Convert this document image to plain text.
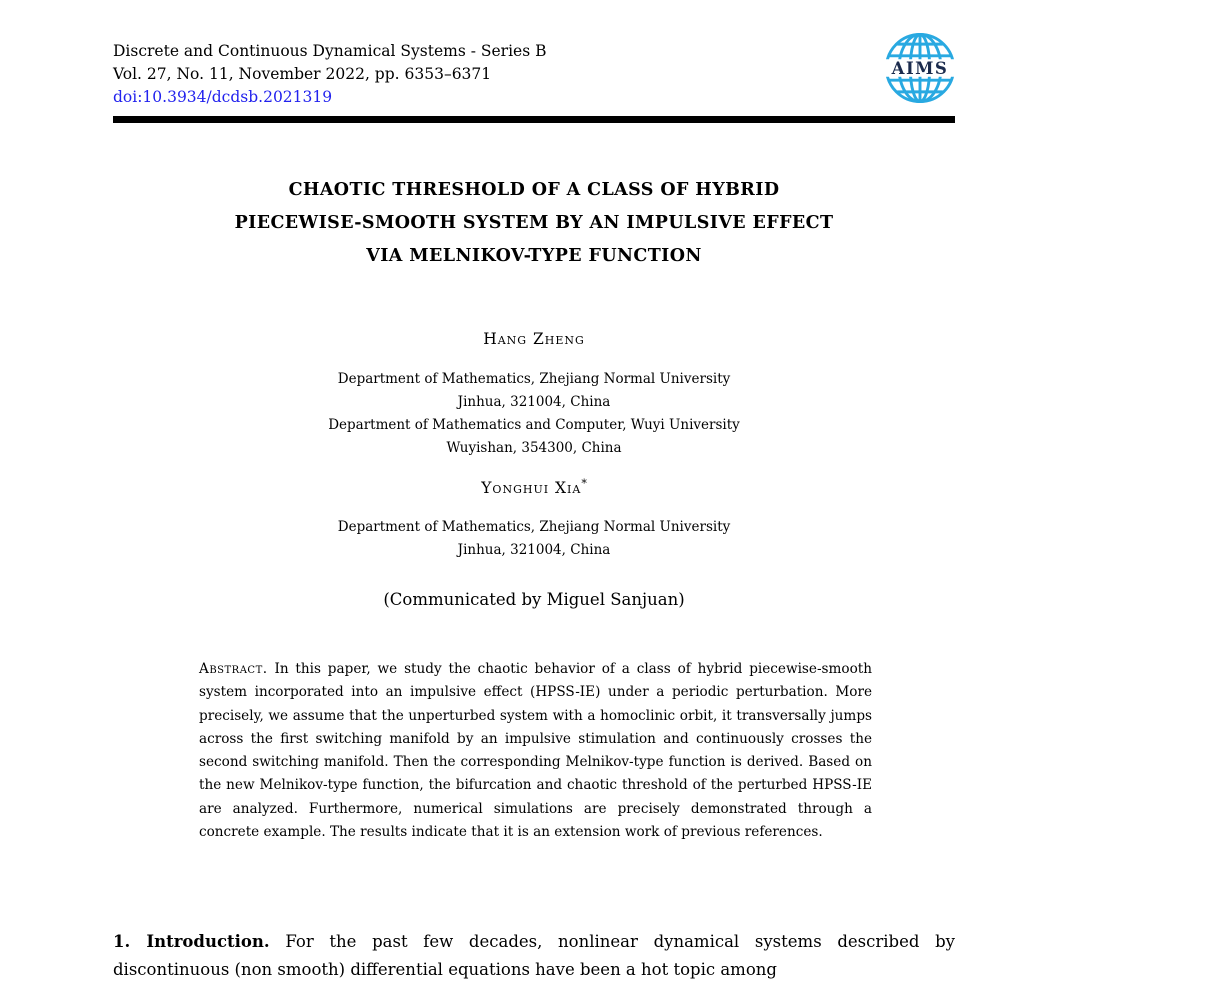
Discrete and Continuous Dynamical Systems - Series B
Vol. 27, No. 11, November 2022, pp. 6353–6371
doi:10.3934/dcdsb.2021319
AIMS
CHAOTIC THRESHOLD OF A CLASS OF HYBRID
PIECEWISE-SMOOTH SYSTEM BY AN IMPULSIVE EFFECT
VIA MELNIKOV-TYPE FUNCTION
Hang Zheng
Department of Mathematics, Zhejiang Normal University
Jinhua, 321004, China
Department of Mathematics and Computer, Wuyi University
Wuyishan, 354300, China
Yonghui Xia*
Department of Mathematics, Zhejiang Normal University
Jinhua, 321004, China
(Communicated by Miguel Sanjuan)
Abstract. In this paper, we study the chaotic behavior of a class of hybrid piecewise-smooth system incorporated into an impulsive effect (HPSS-IE) under a periodic perturbation. More precisely, we assume that the unperturbed system with a homoclinic orbit, it transversally jumps across the first switching manifold by an impulsive stimulation and continuously crosses the second switching manifold. Then the corresponding Melnikov-type function is derived. Based on the new Melnikov-type function, the bifurcation and chaotic threshold of the perturbed HPSS-IE are analyzed. Furthermore, numerical simulations are precisely demonstrated through a concrete example. The results indicate that it is an extension work of previous references.
1. Introduction. For the past few decades, nonlinear dynamical systems described by discontinuous (non smooth) differential equations have been a hot topic among
